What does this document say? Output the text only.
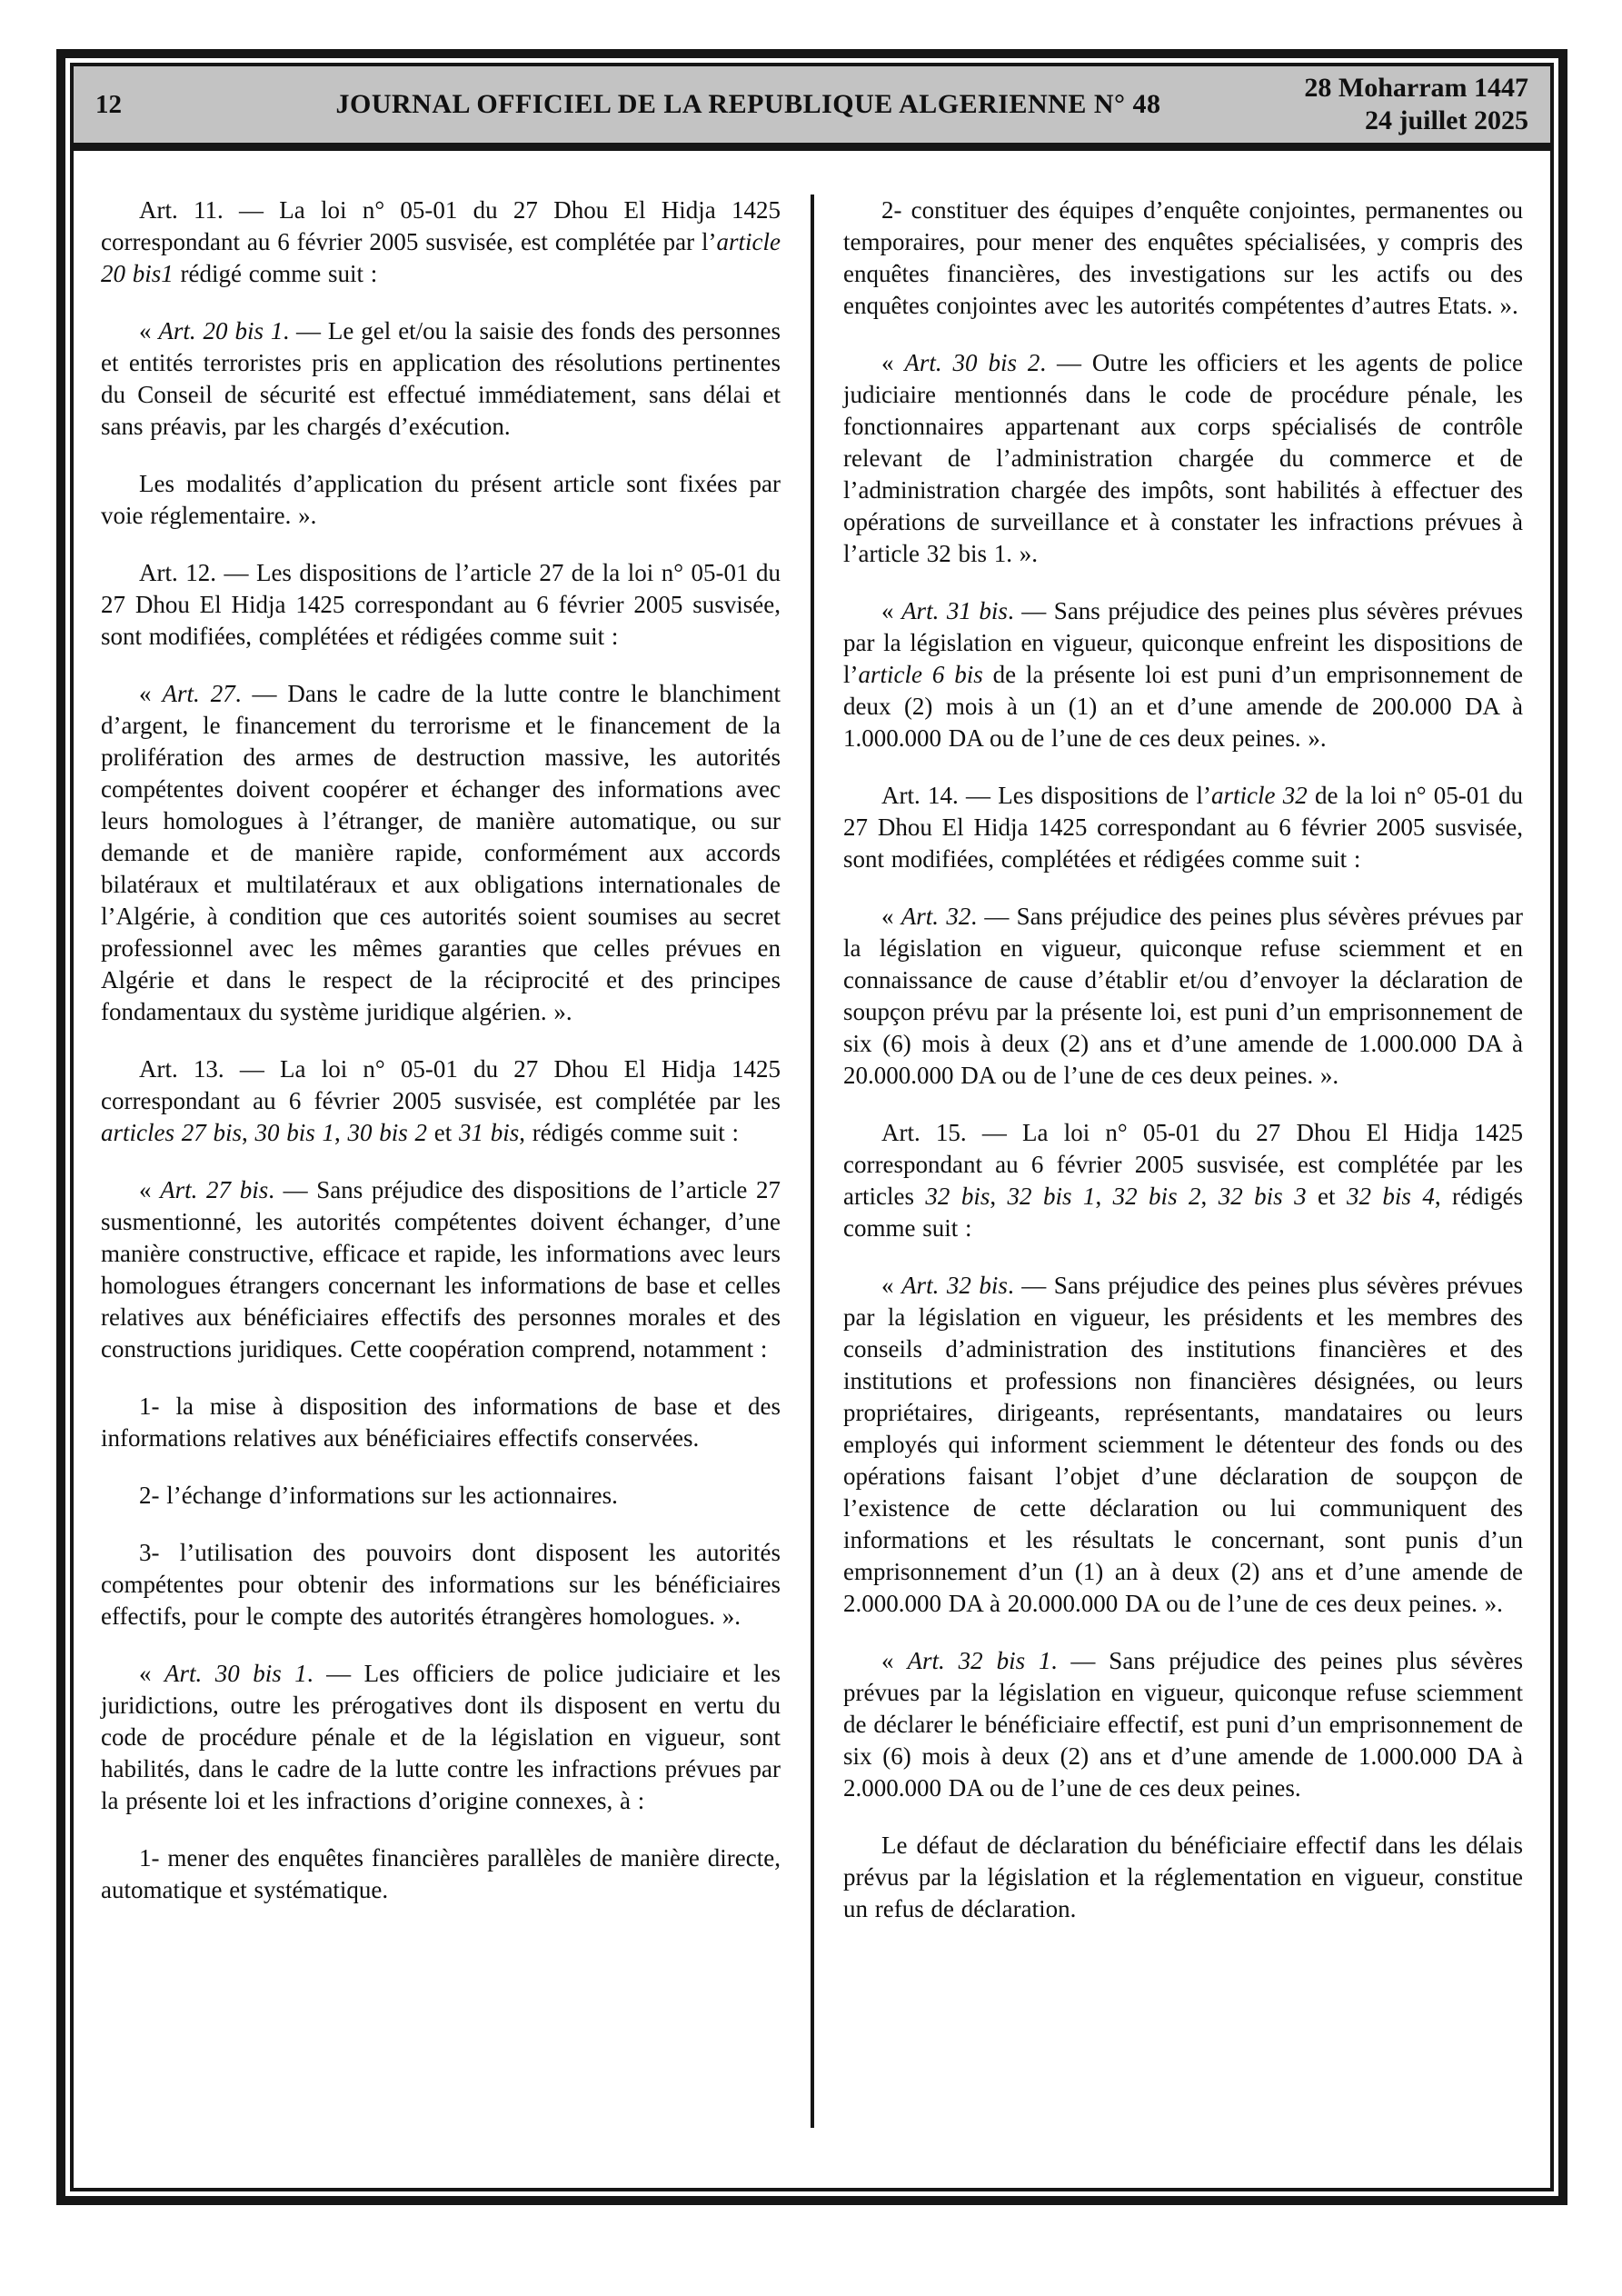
12	JOURNAL OFFICIEL DE LA REPUBLIQUE ALGERIENNE N° 48
28 Moharram 1447
24 juillet 2025

Art. 11. — La loi n° 05-01 du 27 Dhou El Hidja 1425 correspondant au 6 février 2005 susvisée, est complétée par l’article 20 bis1 rédigé comme suit :

« Art. 20 bis 1. — Le gel et/ou la saisie des fonds des personnes et entités terroristes pris en application des résolutions pertinentes du Conseil de sécurité est effectué immédiatement, sans délai et sans préavis, par les chargés d’exécution.

Les modalités d’application du présent article sont fixées par voie réglementaire. ».

Art. 12. — Les dispositions de l’article 27 de la loi n° 05-01 du 27 Dhou El Hidja 1425 correspondant au 6 février 2005 susvisée, sont modifiées, complétées et rédigées comme suit :

« Art. 27. — Dans le cadre de la lutte contre le blanchiment d’argent, le financement du terrorisme et le financement de la prolifération des armes de destruction massive, les autorités compétentes doivent coopérer et échanger des informations avec leurs homologues à l’étranger, de manière automatique, ou sur demande et de manière rapide, conformément aux accords bilatéraux et multilatéraux et aux obligations internationales de l’Algérie, à condition que ces autorités soient soumises au secret professionnel avec les mêmes garanties que celles prévues en Algérie et dans le respect de la réciprocité et des principes fondamentaux du système juridique algérien. ».

Art. 13. — La loi n° 05-01 du 27 Dhou El Hidja 1425 correspondant au 6 février 2005 susvisée, est complétée par les articles 27 bis, 30 bis 1, 30 bis 2 et 31 bis, rédigés comme suit :

« Art. 27 bis. — Sans préjudice des dispositions de l’article 27 susmentionné, les autorités compétentes doivent échanger, d’une manière constructive, efficace et rapide, les informations avec leurs homologues étrangers concernant les informations de base et celles relatives aux bénéficiaires effectifs des personnes morales et des constructions juridiques. Cette coopération comprend, notamment :

1- la mise à disposition des informations de base et des informations relatives aux bénéficiaires effectifs conservées.

2- l’échange d’informations sur les actionnaires.

3- l’utilisation des pouvoirs dont disposent les autorités compétentes pour obtenir des informations sur les bénéficiaires effectifs, pour le compte des autorités étrangères homologues. ».

« Art. 30 bis 1. — Les officiers de police judiciaire et les juridictions, outre les prérogatives dont ils disposent en vertu du code de procédure pénale et de la législation en vigueur, sont habilités, dans le cadre de la lutte contre les infractions prévues par la présente loi et les infractions d’origine connexes, à :

1- mener des enquêtes financières parallèles de manière directe, automatique et systématique.

2- constituer des équipes d’enquête conjointes, permanentes ou temporaires, pour mener des enquêtes spécialisées, y compris des enquêtes financières, des investigations sur les actifs ou des enquêtes conjointes avec les autorités compétentes d’autres Etats. ».

« Art. 30 bis 2. — Outre les officiers et les agents de police judiciaire mentionnés dans le code de procédure pénale, les fonctionnaires appartenant aux corps spécialisés de contrôle relevant de l’administration chargée du commerce et de l’administration chargée des impôts, sont habilités à effectuer des opérations de surveillance et à constater les infractions prévues à l’article 32 bis 1. ».

« Art. 31 bis. — Sans préjudice des peines plus sévères prévues par la législation en vigueur, quiconque enfreint les dispositions de l’article 6 bis de la présente loi est puni d’un emprisonnement de deux (2) mois à un (1) an et d’une amende de 200.000 DA à 1.000.000 DA ou de l’une de ces deux peines. ».

Art. 14. — Les dispositions de l’article 32 de la loi n° 05-01 du 27 Dhou El Hidja 1425 correspondant au 6 février 2005 susvisée, sont modifiées, complétées et rédigées comme suit :

« Art. 32. — Sans préjudice des peines plus sévères prévues par la législation en vigueur, quiconque refuse sciemment et en connaissance de cause d’établir et/ou d’envoyer la déclaration de soupçon prévu par la présente loi, est puni d’un emprisonnement de six (6) mois à deux (2) ans et d’une amende de 1.000.000 DA à 20.000.000 DA ou de l’une de ces deux peines. ».

Art. 15. — La loi n° 05-01 du 27 Dhou El Hidja 1425 correspondant au 6 février 2005 susvisée, est complétée par les articles 32 bis, 32 bis 1, 32 bis 2, 32 bis 3 et 32 bis 4, rédigés comme suit :

« Art. 32 bis. — Sans préjudice des peines plus sévères prévues par la législation en vigueur, les présidents et les membres des conseils d’administration des institutions financières et des institutions et professions non financières désignées, ou leurs propriétaires, dirigeants, représentants, mandataires ou leurs employés qui informent sciemment le détenteur des fonds ou des opérations faisant l’objet d’une déclaration de soupçon de l’existence de cette déclaration ou lui communiquent des informations et les résultats le concernant, sont punis d’un emprisonnement d’un (1) an à deux (2) ans et d’une amende de 2.000.000 DA à 20.000.000 DA ou de l’une de ces deux peines. ».

« Art. 32 bis 1. — Sans préjudice des peines plus sévères prévues par la législation en vigueur, quiconque refuse sciemment de déclarer le bénéficiaire effectif, est puni d’un emprisonnement de six (6) mois à deux (2) ans et d’une amende de 1.000.000 DA à 2.000.000 DA ou de l’une de ces deux peines.

Le défaut de déclaration du bénéficiaire effectif dans les délais prévus par la législation et la réglementation en vigueur, constitue un refus de déclaration.
